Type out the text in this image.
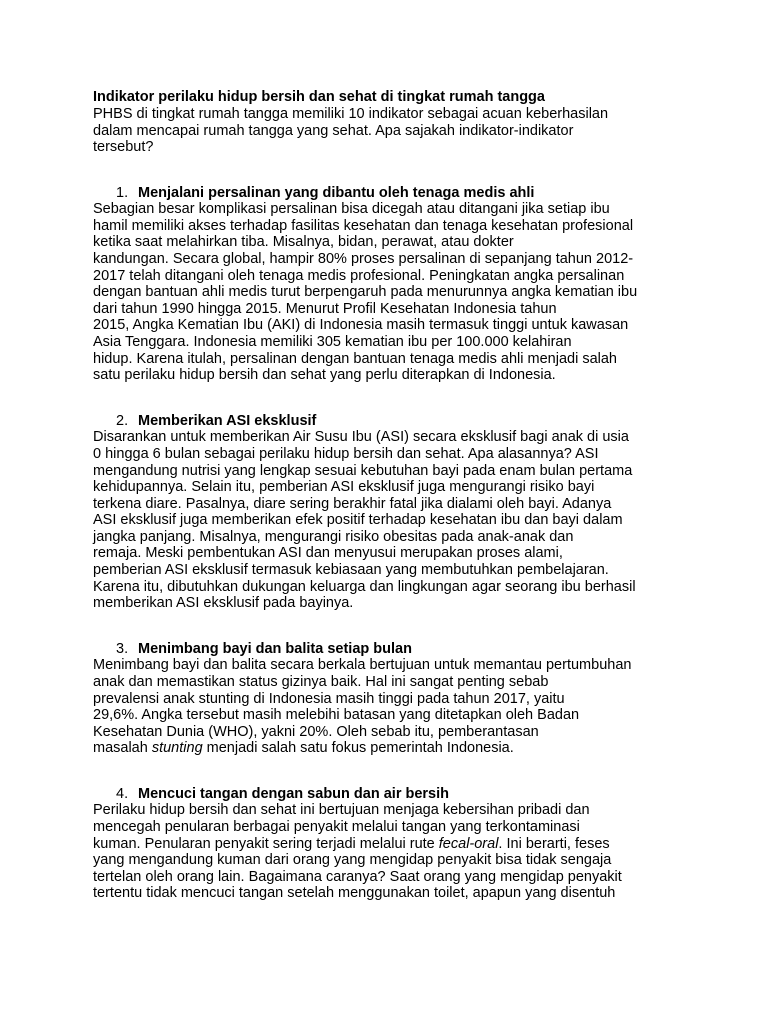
Indikator perilaku hidup bersih dan sehat di tingkat rumah tangga

PHBS di tingkat rumah tangga memiliki 10 indikator sebagai acuan keberhasilan
dalam mencapai rumah tangga yang sehat. Apa sajakah indikator-indikator
tersebut?

1. Menjalani persalinan yang dibantu oleh tenaga medis ahli

Sebagian besar komplikasi persalinan bisa dicegah atau ditangani jika setiap ibu
hamil memiliki akses terhadap fasilitas kesehatan dan tenaga kesehatan profesional
ketika saat melahirkan tiba. Misalnya, bidan, perawat, atau dokter
kandungan. Secara global, hampir 80% proses persalinan di sepanjang tahun 2012-
2017 telah ditangani oleh tenaga medis profesional. Peningkatan angka persalinan
dengan bantuan ahli medis turut berpengaruh pada menurunnya angka kematian ibu
dari tahun 1990 hingga 2015. Menurut Profil Kesehatan Indonesia tahun
2015, Angka Kematian Ibu (AKI) di Indonesia masih termasuk tinggi untuk kawasan
Asia Tenggara. Indonesia memiliki 305 kematian ibu per 100.000 kelahiran
hidup. Karena itulah, persalinan dengan bantuan tenaga medis ahli menjadi salah
satu perilaku hidup bersih dan sehat yang perlu diterapkan di Indonesia.

2. Memberikan ASI eksklusif

Disarankan untuk memberikan Air Susu Ibu (ASI) secara eksklusif bagi anak di usia
0 hingga 6 bulan sebagai perilaku hidup bersih dan sehat. Apa alasannya? ASI
mengandung nutrisi yang lengkap sesuai kebutuhan bayi pada enam bulan pertama
kehidupannya. Selain itu, pemberian ASI eksklusif juga mengurangi risiko bayi
terkena diare. Pasalnya, diare sering berakhir fatal jika dialami oleh bayi. Adanya
ASI eksklusif juga memberikan efek positif terhadap kesehatan ibu dan bayi dalam
jangka panjang. Misalnya, mengurangi risiko obesitas pada anak-anak dan
remaja. Meski pembentukan ASI dan menyusui merupakan proses alami,
pemberian ASI eksklusif termasuk kebiasaan yang membutuhkan pembelajaran.
Karena itu, dibutuhkan dukungan keluarga dan lingkungan agar seorang ibu berhasil
memberikan ASI eksklusif pada bayinya.

3. Menimbang bayi dan balita setiap bulan

Menimbang bayi dan balita secara berkala bertujuan untuk memantau pertumbuhan
anak dan memastikan status gizinya baik. Hal ini sangat penting sebab
prevalensi anak stunting di Indonesia masih tinggi pada tahun 2017, yaitu
29,6%. Angka tersebut masih melebihi batasan yang ditetapkan oleh Badan
Kesehatan Dunia (WHO), yakni 20%. Oleh sebab itu, pemberantasan
masalah stunting menjadi salah satu fokus pemerintah Indonesia.

4. Mencuci tangan dengan sabun dan air bersih

Perilaku hidup bersih dan sehat ini bertujuan menjaga kebersihan pribadi dan
mencegah penularan berbagai penyakit melalui tangan yang terkontaminasi
kuman. Penularan penyakit sering terjadi melalui rute fecal-oral. Ini berarti, feses
yang mengandung kuman dari orang yang mengidap penyakit bisa tidak sengaja
tertelan oleh orang lain. Bagaimana caranya? Saat orang yang mengidap penyakit
tertentu tidak mencuci tangan setelah menggunakan toilet, apapun yang disentuh
